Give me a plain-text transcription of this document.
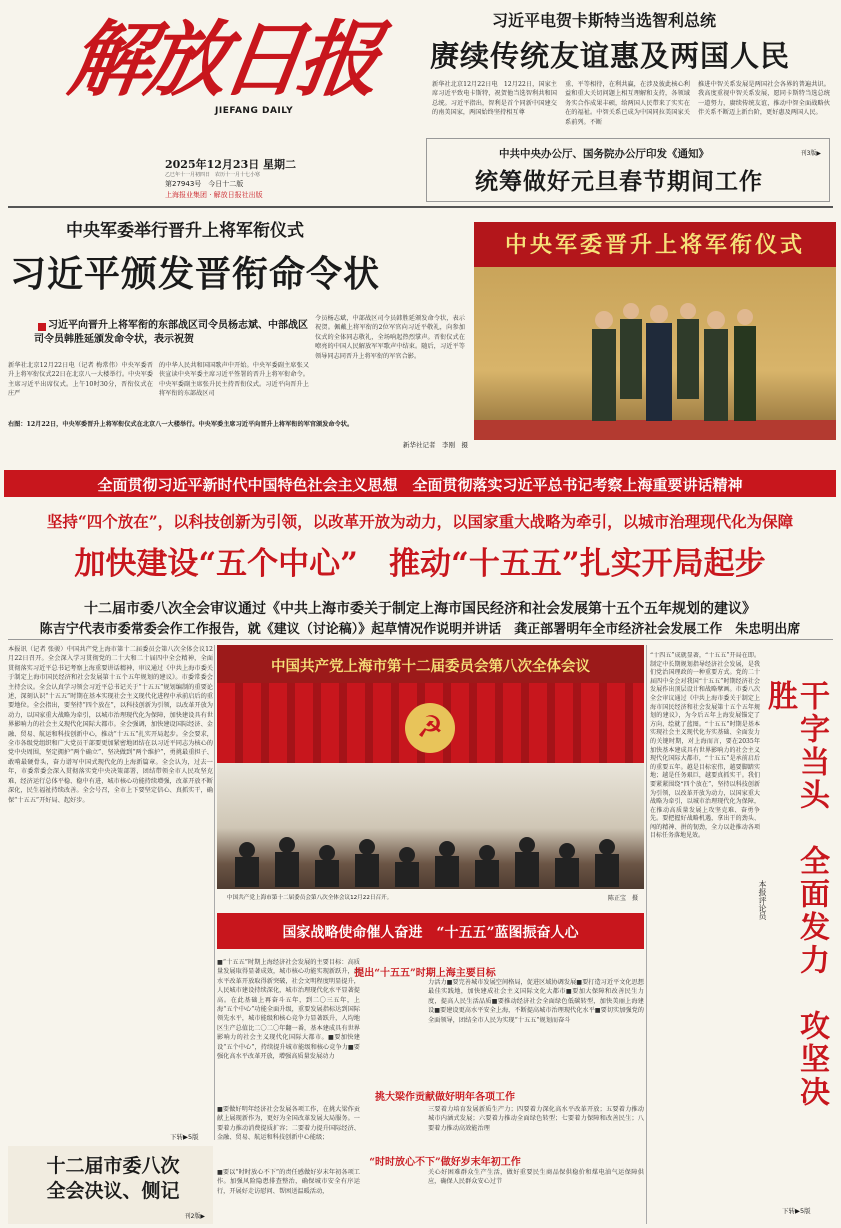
解放日报
JIEFANG DAILY
2025年12月23日 星期二
乙巳年十一月初四日　农历十一月十七小寒
第27943号　今日十二版
上海报业集团 · 解放日报社出版
习近平电贺卡斯特当选智利总统
赓续传统友谊惠及两国人民
新华社北京12月22日电　12月22日，国家主席习近平致电卡斯特，祝贺他当选智利共和国总统。习近平指出，智利是首个同新中国建交的南美国家，两国始终坚持相互尊
重、平等相待，在利共赢，在涉及彼此核心利益和重大关切问题上相互理解和支持，各领域务实合作成果丰硕，给两国人民带来了实实在在的福祉。中智关系已成为中国同拉美国家关系前列。不断
推进中智关系发展是两国社会各界的普遍共识。我高度重视中智关系发展，愿同卡斯特当选总统一道努力，赓续传统友谊，推动中智全面战略伙伴关系不断迈上新台阶，更好惠及两国人民。
中共中央办公厅、国务院办公厅印发《通知》	刊3版▶
统筹做好元旦春节期间工作
中央军委举行晋升上将军衔仪式
习近平颁发晋衔命令状
习近平向晋升上将军衔的东部战区司令员杨志斌、中部战区司令员韩胜延颁发命令状，表示祝贺
新华社北京12月22日电（记者 梅常伟）中央军委晋升上将军衔仪式22日在北京八一大楼举行。中央军委主席习近平出席仪式。上午10时30分，晋衔仪式在庄严
的中华人民共和国国歌声中开始。中央军委副主席张又侠宣读中央军委主席习近平签署的晋升上将军衔命令。中央军委副主席张升民主持晋衔仪式。习近平向晋升上将军衔的东部战区司
令员杨志斌，中部战区司令员韩胜延颁发命令状，表示祝贺。佩戴上将军衔的2位军官向习近平敬礼，向参加仪式的全体同志敬礼，全场响起热烈掌声。晋衔仪式在嘹亮的中国人民解放军军歌声中结束。随后，习近平等领导同志同晋升上将军衔的军官合影。
右图：12月22日，中央军委晋升上将军衔仪式在北京八一大楼举行。中央军委主席习近平向晋升上将军衔的军官颁发命令状。
新华社记者　李刚　摄
中央军委晋升上将军衔仪式
全面贯彻习近平新时代中国特色社会主义思想　全面贯彻落实习近平总书记考察上海重要讲话精神
坚持“四个放在”，以科技创新为引领，以改革开放为动力，以国家重大战略为牵引，以城市治理现代化为保障
加快建设“五个中心”　推动“十五五”扎实开局起步
十二届市委八次全会审议通过《中共上海市委关于制定上海市国民经济和社会发展第十五个五年规划的建议》
陈吉宁代表市委常委会作工作报告，就《建议（讨论稿）》起草情况作说明并讲话　龚正部署明年全市经济社会发展工作　朱忠明出席
本报讯（记者 张骏）中国共产党上海市第十二届委员会第八次全体会议12月22日召开。全会深入学习贯彻党的二十大和二十届四中全会精神，全面贯彻落实习近平总书记考察上海重要讲话精神，审议通过《中共上海市委关于制定上海市国民经济和社会发展第十五个五年规划的建议》。市委常委会主持会议。全会认真学习领会习近平总书记关于“十五五”规划编制的重要论述，深刻认识“十五五”时期在基本实现社会主义现代化进程中承前启后的重要地位。全会指出，要坚持“四个放在”，以科技创新为引领，以改革开放为动力，以国家重大战略为牵引，以城市治理现代化为保障，加快建设具有世界影响力的社会主义现代化国际大都市。全会强调，加快建设国际经济、金融、贸易、航运和科技创新中心，推动“十五五”扎实开局起步。全会要求，全市各级党组织和广大党员干部要更加紧密地团结在以习近平同志为核心的党中央周围，坚定拥护“两个确立”、坚决做到“两个维护”，勇挑最重担子、敢啃最硬骨头，奋力谱写中国式现代化的上海新篇章。全会认为，过去一年，市委常委会深入贯彻落实党中央决策部署，团结带领全市人民攻坚克难，经济运行总体平稳、稳中有进，城市核心功能持续增强，改革开放不断深化，民生福祉持续改善。全会号召，全市上下要坚定信心、真抓实干，确保“十五五”开好局、起好步。
下转▶5版
中国共产党上海市第十二届委员会第八次全体会议
☭
中国共产党上海市第十二届委员会第八次全体会议12月22日召开。	陈正宝　摄
“十四五”成就显著，“十五五”开局在即。制定中长期规划指导经济社会发展，是我们党治国理政的一种重要方式。党的二十届四中全会对我国“十五五”时期经济社会发展作出顶层设计和战略擘画。市委八次全会审议通过《中共上海市委关于制定上海市国民经济和社会发展第十五个五年规划的建议》，为今后五年上海发展锚定了方向、绘就了蓝图。“十五五”时期是基本实现社会主义现代化夯实基础、全面发力的关键时期，对上海而言，要在2035年加快基本建成具有世界影响力的社会主义现代化国际大都市，“十五五”是承前启后的重要五年。越是目标宏伟，越要脚踏实地；越是任务艰巨，越要真抓实干。我们要紧紧围绕“四个放在”，坚持以科技创新为引领，以改革开放为动力，以国家重大战略为牵引，以城市治理现代化为保障，在推动高质量发展上攻坚克难、奋勇争先。要把握好战略机遇，拿出干的劲头、闯的精神、拼的韧劲，全力以赴推动各项目标任务落地见效。	干字当头　全面发力　攻坚决胜
本报评论员
下转▶5版
国家战略使命催人奋进　“十五五”蓝图振奋人心
■“十五五”时期上海经济社会发展的主要目标：高质量发展取得显著成效，城市核心功能实现新跃升，高水平改革开放取得新突破，社会文明程度明显提升，人民城市建设持续深化，城市治理现代化水平显著提高。在此基础上再奋斗五年，到二〇三五年，上海“五个中心”功能全面升级，重要发展指标达到国际领先水平，城市能级和核心竞争力显著跃升，人均地区生产总值比二〇二〇年翻一番，基本建成具有世界影响力的社会主义现代化国际大都市。■要加快建设“五个中心”，持续提升城市能级和核心竞争力■要强化高水平改革开放，增强高质量发展动力
提出“十五五”时期上海主要目标
力活力■要完善城市发展空间格局，促进区域协调发展■要打造习近平文化思想最佳实践地，加快建成社会主义国际文化大都市■要加大保障和改善民生力度，提高人民生活品质■要推动经济社会全面绿色低碳转型，加快美丽上海建设■要建设更高水平安全上海，不断提高城市治理现代化水平■要切实加强党的全面领导，团结全市人民为实现“十五五”规划而奋斗
挑大梁作贡献做好明年各项工作
■要做好明年经济社会发展各项工作，在挑大梁作贡献上展现新作为，更好为全国改革发展大局服务。一要着力推动消费提质扩容；二要着力提升国际经济、金融、贸易、航运和科技创新中心能级；
三要着力培育发展新质生产力；四要着力深化高水平改革开放；五要着力推动城市内涵式发展；六要着力推动全面绿色转型；七要着力保障和改善民生；八要着力推动高效能治理
“时时放心不下”做好岁末年初工作
■要以“时时放心不下”的责任感做好岁末年初各项工作。加强风险隐患排查整治，确保城市安全有序运行，开展好走访慰问、帮困送温暖活动，
关心好困难群众生产生活，做好重要民生商品保供稳价和煤电油气运保障供应，确保人民群众安心过节
十二届市委八次全会决议、侧记
刊2版▶
